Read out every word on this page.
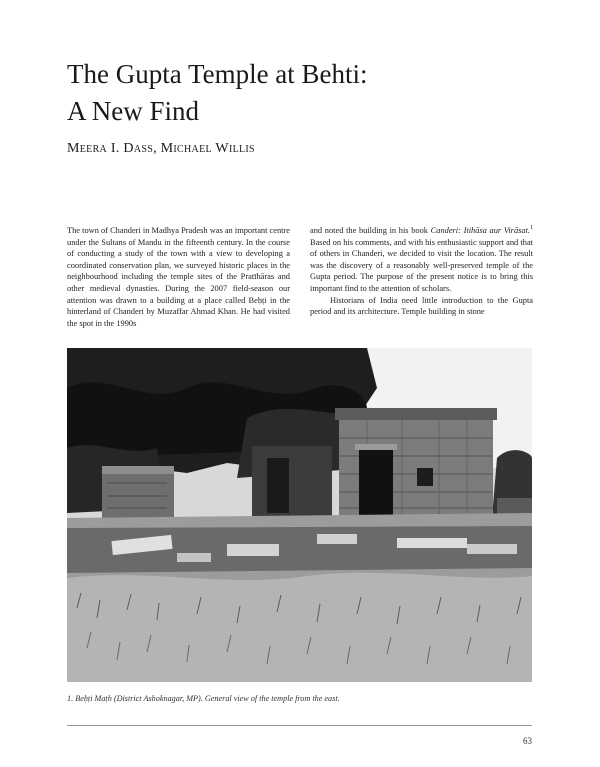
The Gupta Temple at Behti:
A New Find
Meera I. Dass, Michael Willis

The town of Chanderi in Madhya Pradesh was an important centre under the Sultans of Mandu in the fifteenth century. In the course of conducting a study of the town with a view to developing a coordinated conservation plan, we surveyed historic places in the neighbourhood including the temple sites of the Pratīhāras and other medieval dynasties. During the 2007 field-season our attention was drawn to a building at a place called Beḥṭi in the hinterland of Chanderi by Muzaffar Ahmad Khan. He had visited the spot in the 1990s

and noted the building in his book Canderi: Itihāsa aur Virāsat.$^1$ Based on his comments, and with his enthusiastic support and that of others in Chanderi, we decided to visit the location. The result was the discovery of a reasonably well-preserved temple of the Gupta period. The purpose of the present notice is to bring this important find to the attention of scholars.

Historians of India need little introduction to the Gupta period and its architecture. Temple building in stone

1. Beḥṭi Maṭh (District Ashoknagar, MP). General view of the temple from the east.
63
